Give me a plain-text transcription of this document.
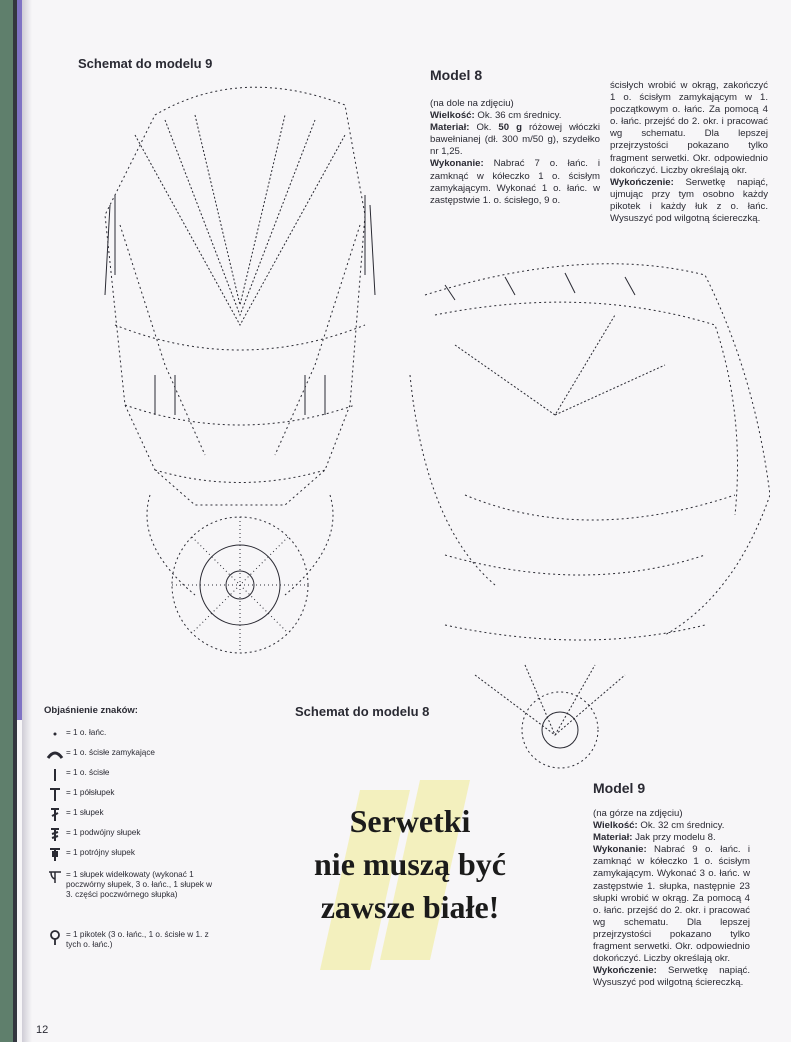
Schemat do modelu 9
Schemat do modelu 8
Model 8

(na dole na zdjęciu)

Wielkość: Ok. 36 cm średnicy.

Materiał: Ok. 50 g różowej włóczki bawełnianej (dł. 300 m/50 g), szydełko nr 1,25.

Wykonanie: Nabrać 7 o. łańc. i zamknąć w kółeczko 1 o. ścisłym zamykającym. Wykonać 1 o. łańc. w zastępstwie 1. o. ścisłego, 9 o.

ścisłych wrobić w okrąg, zakończyć 1 o. ścisłym zamykającym w 1. początkowym o. łańc. Za pomocą 4 o. łańc. przejść do 2. okr. i pracować wg schematu. Dla lepszej przejrzystości pokazano tylko fragment serwetki. Okr. odpowiednio dokończyć. Liczby określają okr.

Wykończenie: Serwetkę napiąć, ujmując przy tym osobno każdy pikotek i każdy łuk z o. łańc. Wysuszyć pod wilgotną ściereczką.

Model 9

(na górze na zdjęciu)

Wielkość: Ok. 32 cm średnicy.

Materiał: Jak przy modelu 8.

Wykonanie: Nabrać 9 o. łańc. i zamknąć w kółeczko 1 o. ścisłym zamykającym. Wykonać 3 o. łańc. w zastępstwie 1. słupka, następnie 23 słupki wrobić w okrąg. Za pomocą 4 o. łańc. przejść do 2. okr. i pracować wg schematu. Dla lepszej przejrzystości pokazano tylko fragment serwetki. Okr. odpowiednio dokończyć. Liczby określają okr.

Wykończenie: Serwetkę napiąć. Wysuszyć pod wilgotną ściereczką.

Objaśnienie znaków:
= 1 o. łańc.
= 1 o. ścisłe zamykające
= 1 o. ścisłe
= 1 półsłupek
= 1 słupek
= 1 podwójny słupek
= 1 potrójny słupek
= 1 słupek widełkowaty (wykonać 1 poczwórny słupek, 3 o. łańc., 1 słupek w 3. części poczwórnego słupka)
= 1 pikotek (3 o. łańc., 1 o. ścisłe w 1. z tych o. łańc.)
Serwetki
nie muszą być
zawsze białe!
12
